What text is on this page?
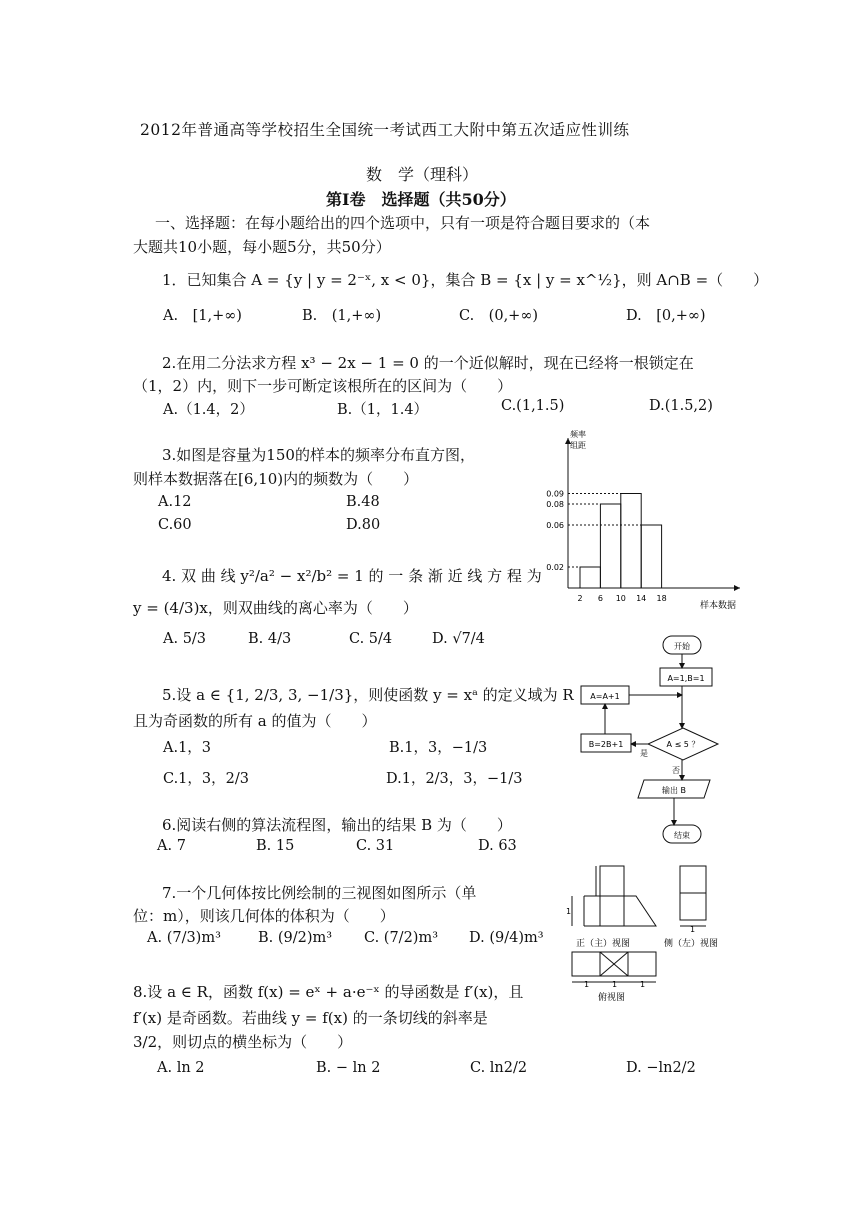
2012年普通高等学校招生全国统一考试西工大附中第五次适应性训练
数　学（理科）
第Ⅰ卷　选择题（共50分）
一、选择题：在每小题给出的四个选项中，只有一项是符合题目要求的（本
大题共10小题，每小题5分，共50分）
1．已知集合 A = {y | y = 2⁻ˣ, x < 0}，集合 B = {x | y = x^½}，则 A∩B =（　　）
A.　[1,+∞)	B.　(1,+∞)	C.　(0,+∞)	D.　[0,+∞)
2.在用二分法求方程 x³ − 2x − 1 = 0 的一个近似解时，现在已经将一根锁定在
（1，2）内，则下一步可断定该根所在的区间为（　　）
A.（1.4，2）	B.（1，1.4）	C.(1,1.5)	D.(1.5,2)
3.如图是容量为150的样本的频率分布直方图，
则样本数据落在[6,10)内的频数为（　　）
A.12	B.48
C.60	D.80
频率
组距
样本数据
0.09
0.08
0.06
0.02
2 6 10 14 18
4. 双 曲 线 y²/a² − x²/b² = 1 的 一 条 渐 近 线 方 程 为
y = (4/3)x，则双曲线的离心率为（　　）
A. 5/3	B. 4/3	C. 5/4	D. √7/4	开始
A=1,B=1
A=A+1
A ≤ 5 ？
B=2B+1
是
否
输出 B
结束
5.设 a ∈ {1, 2/3, 3, −1/3}，则使函数 y = xᵃ 的定义域为 R
且为奇函数的所有 a 的值为（　　）
A.1，3	B.1，3，−1/3
C.1，3，2/3	D.1，2/3，3，−1/3
6.阅读右侧的算法流程图，输出的结果 B 为（　　）
A. 7	B. 15	C. 31	D. 63
7.一个几何体按比例绘制的三视图如图所示（单
位：m），则该几何体的体积为（　　）
A. (7/3)m³	B. (9/2)m³ C. (7/2)m³ D. (9/4)m³
1
1
1	1	1
正（主）视图	侧（左）视图
俯视图
8.设 a ∈ R，函数 f(x) = eˣ + a·e⁻ˣ 的导函数是 f′(x)，且
f′(x) 是奇函数。若曲线 y = f(x) 的一条切线的斜率是
3/2，则切点的横坐标为（　　）
A. ln 2	B. − ln 2	C. ln2/2	D. −ln2/2
